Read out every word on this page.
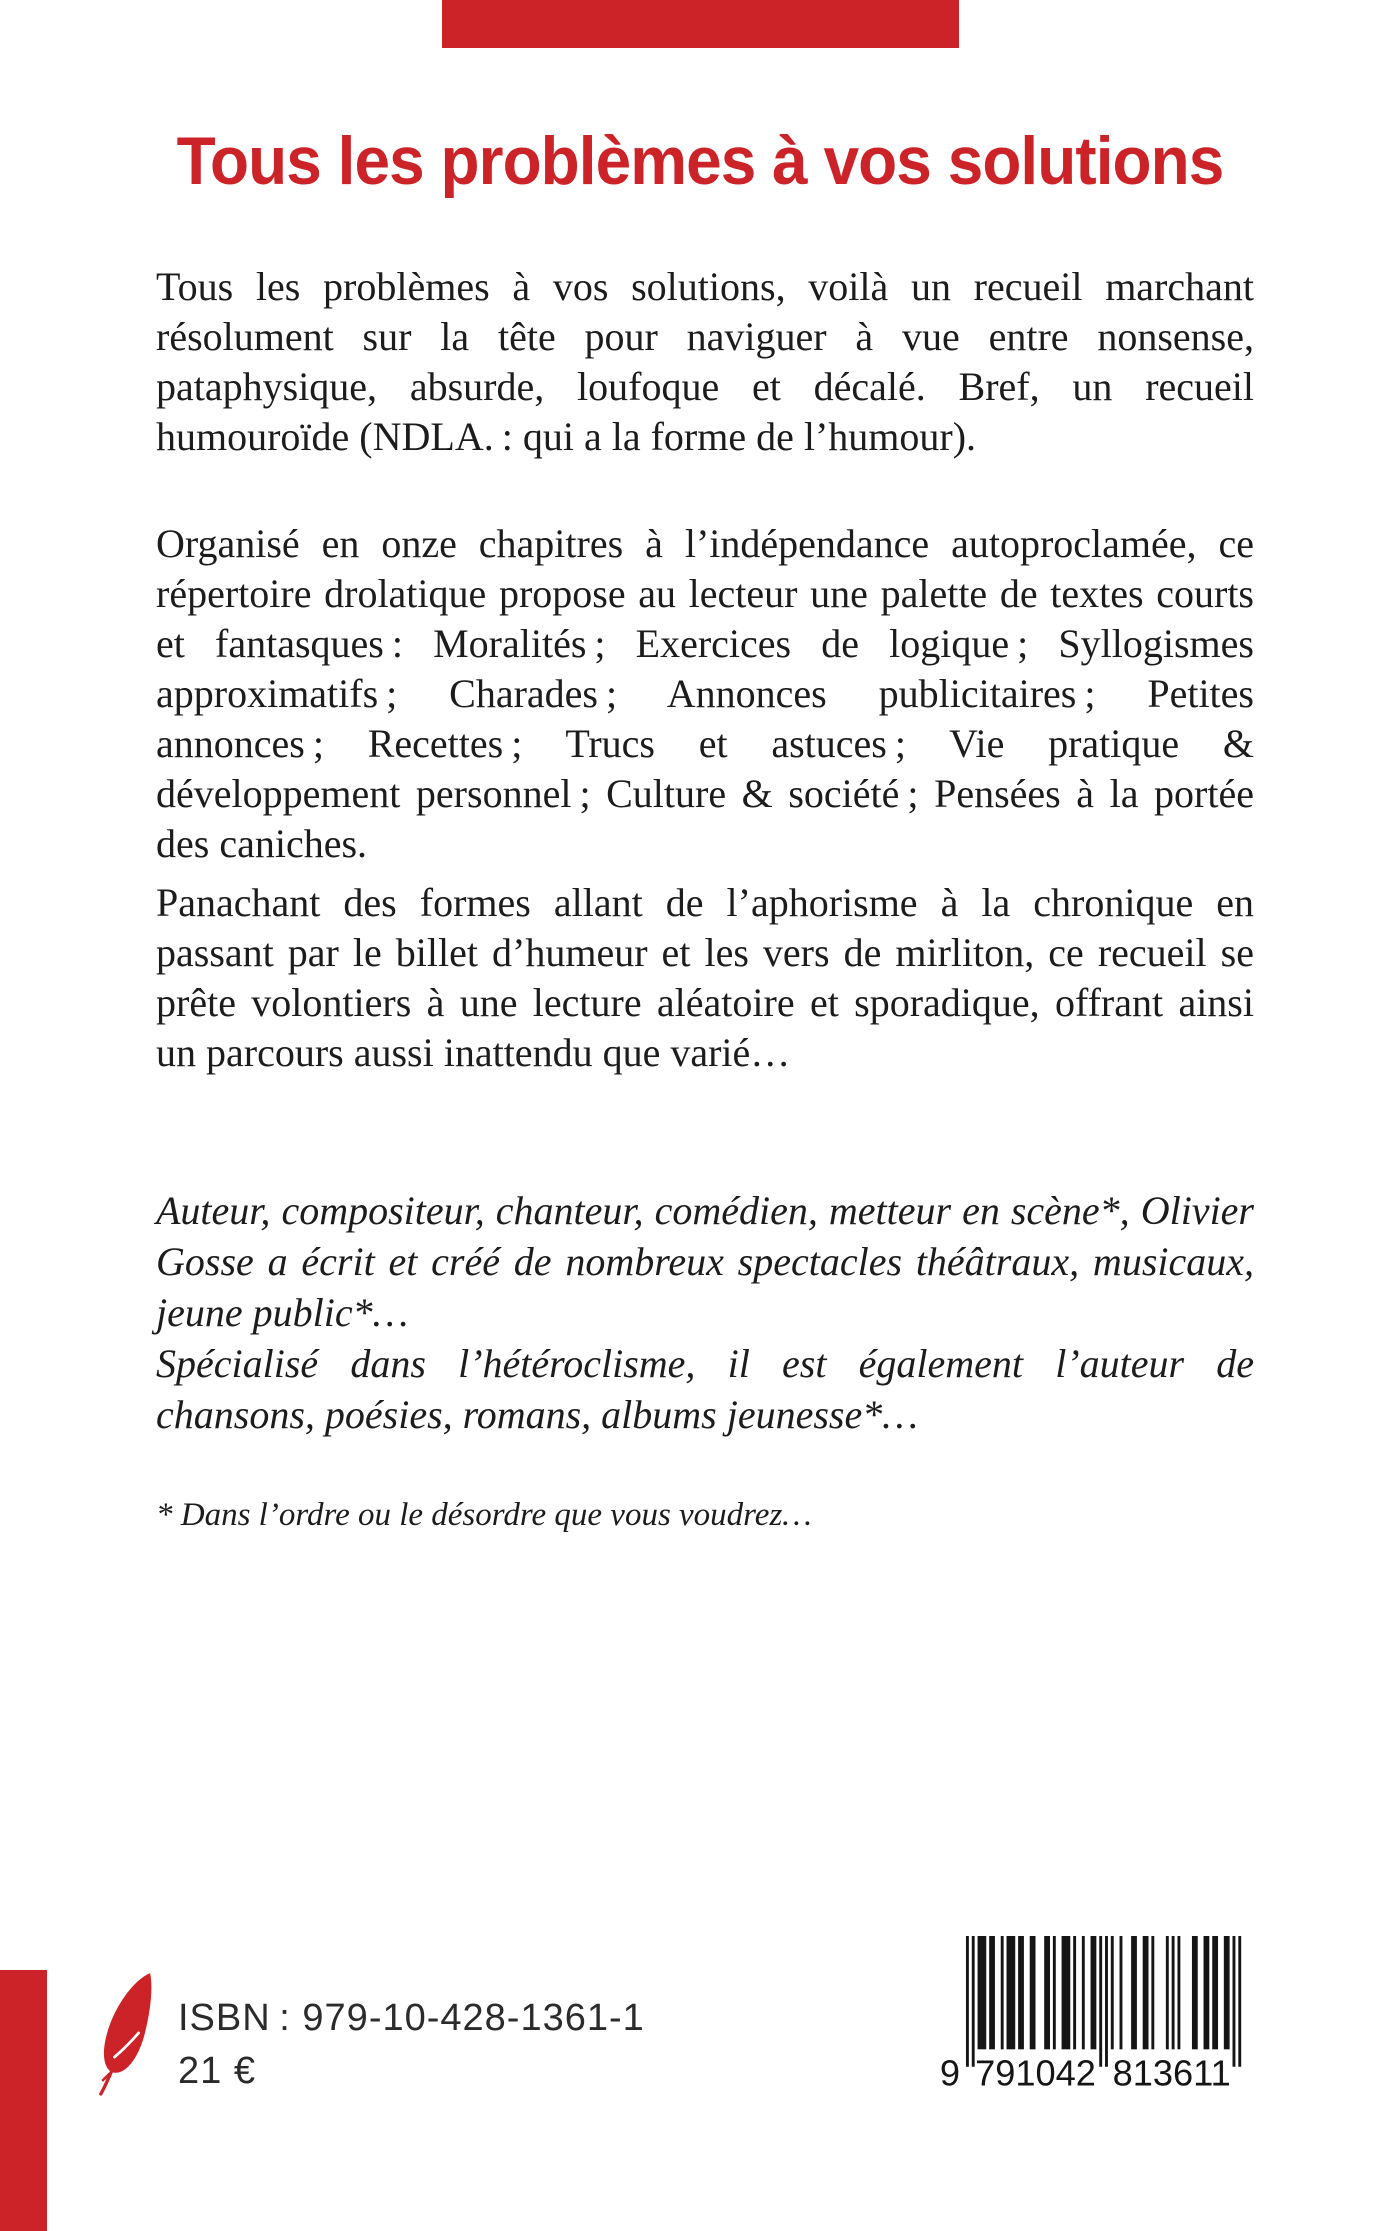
Tous les problèmes à vos solutions
Tous les problèmes à vos solutions, voilà un recueil marchant résolument sur la tête pour naviguer à vue entre nonsense, pataphysique, absurde, loufoque et décalé. Bref, un recueil humouroïde (NDLA. : qui a la forme de l’humour).
Organisé en onze chapitres à l’indépendance autoproclamée, ce répertoire drolatique propose au lecteur une palette de textes courts et fantasques : Moralités ; Exercices de logique ; Syllogismes approximatifs ; Charades ; Annonces publicitaires ; Petites annonces ; Recettes ; Trucs et astuces ; Vie pratique & développement personnel ; Culture & société ; Pensées à la portée des caniches.
Panachant des formes allant de l’aphorisme à la chronique en passant par le billet d’humeur et les vers de mirliton, ce recueil se prête volontiers à une lecture aléatoire et sporadique, offrant ainsi un parcours aussi inattendu que varié…

Auteur, compositeur, chanteur, comédien, metteur en scène*, Olivier Gosse a écrit et créé de nombreux spectacles théâtraux, musicaux, jeune public*…

Spécialisé dans l’hétéroclisme, il est également l’auteur de chansons, poésies, romans, albums jeunesse*…

* Dans l’ordre ou le désordre que vous voudrez…
ISBN : 979-10-428-1361-1
21 €	9 791042 813611
